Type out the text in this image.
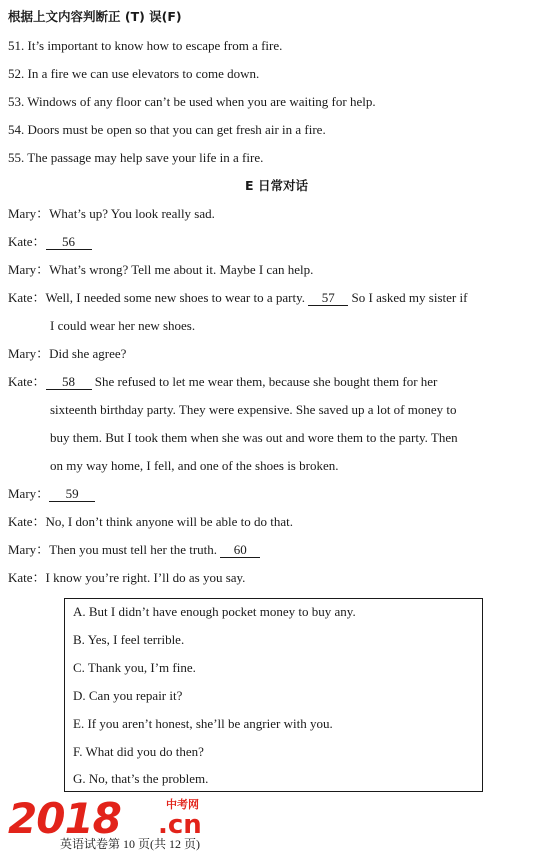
根据上文内容判断正 (T) 误(F)
51. It’s important to know how to escape from a fire.
52. In a fire we can use elevators to come down.
53. Windows of any floor can’t be used when you are waiting for help.
54. Doors must be open so that you can get fresh air in a fire.
55. The passage may help save your life in a fire.
E 日常对话
Mary：What’s up? You look really sad.
Kate： 56
Mary：What’s wrong? Tell me about it. Maybe I can help.
Kate：Well, I needed some new shoes to wear to a party. 57 So I asked my sister if
I could wear her new shoes.
Mary：Did she agree?
Kate： 58 She refused to let me wear them, because she bought them for her
sixteenth birthday party. They were expensive. She saved up a lot of money to
buy them. But I took them when she was out and wore them to the party. Then
on my way home, I fell, and one of the shoes is broken.
Mary： 59
Kate：No, I don’t think anyone will be able to do that.
Mary：Then you must tell her the truth. 60
Kate：I know you’re right. I’ll do as you say.
A. But I didn’t have enough pocket money to buy any.
B. Yes, I feel terrible.
C. Thank you, I’m fine.
D. Can you repair it?
E. If you aren’t honest, she’ll be angrier with you.
F. What did you do then?
G. No, that’s the problem.
2018	中考网
.cn
英语试卷第 10 页(共 12 页)
